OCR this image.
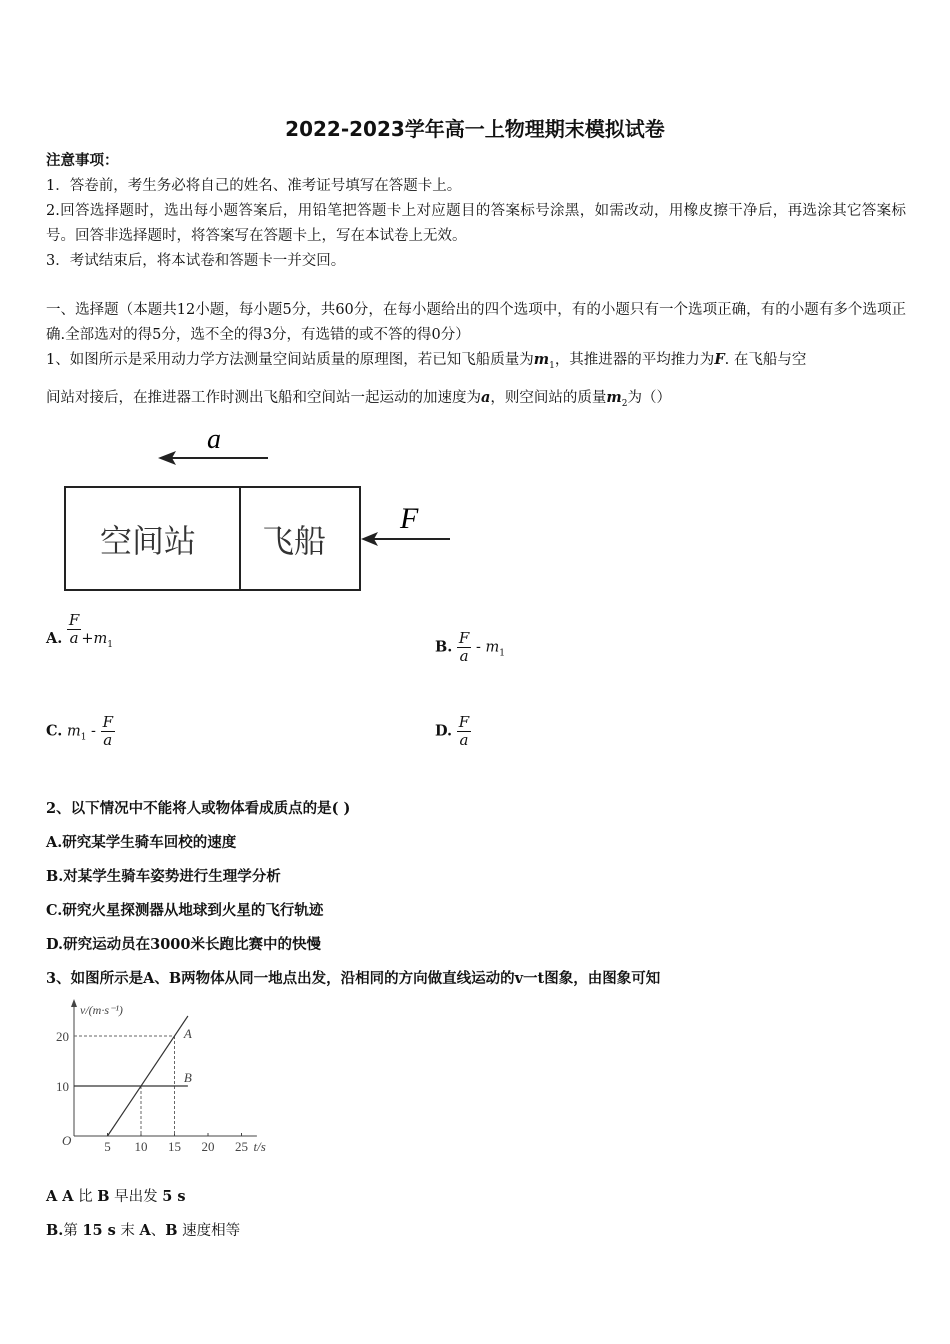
2022-2023学年高一上物理期末模拟试卷
注意事项：
1．答卷前，考生务必将自己的姓名、准考证号填写在答题卡上。
2.回答选择题时，选出每小题答案后，用铅笔把答题卡上对应题目的答案标号涂黑，如需改动，用橡皮擦干净后，再选涂其它答案标号。回答非选择题时，将答案写在答题卡上，写在本试卷上无效。
3．考试结束后，将本试卷和答题卡一并交回。
一、选择题（本题共12小题，每小题5分，共60分，在每小题给出的四个选项中，有的小题只有一个选项正确，有的小题有多个选项正确.全部选对的得5分，选不全的得3分，有选错的或不答的得0分）
1、如图所示是采用动力学方法测量空间站质量的原理图，若已知飞船质量为$m_1$，其推进器的平均推力为F. 在飞船与空
间站对接后，在推进器工作时测出飞船和空间站一起运动的加速度为a，则空间站的质量$m_2$为（）
a
空间站 飞船
F
A. $\frac{F}{a} +m_1$	B. $\frac{F}{a} - m_1$
C. $m_1 - \frac{F}{a}$	D. $\frac{F}{a}$
2、以下情况中不能将人或物体看成质点的是( )
A.研究某学生骑车回校的速度
B.对某学生骑车姿势进行生理学分析
C.研究火星探测器从地球到火星的飞行轨迹
D.研究运动员在3000米长跑比赛中的快慢
3、如图所示是A、B两物体从同一地点出发，沿相同的方向做直线运动的v一t图象，由图象可知
v/(m·s⁻¹)
t/s
O	5 10 15 20 25
10
20	A
B
A A 比 B 早出发 5 s
B.第 15 s 末 A、B 速度相等
